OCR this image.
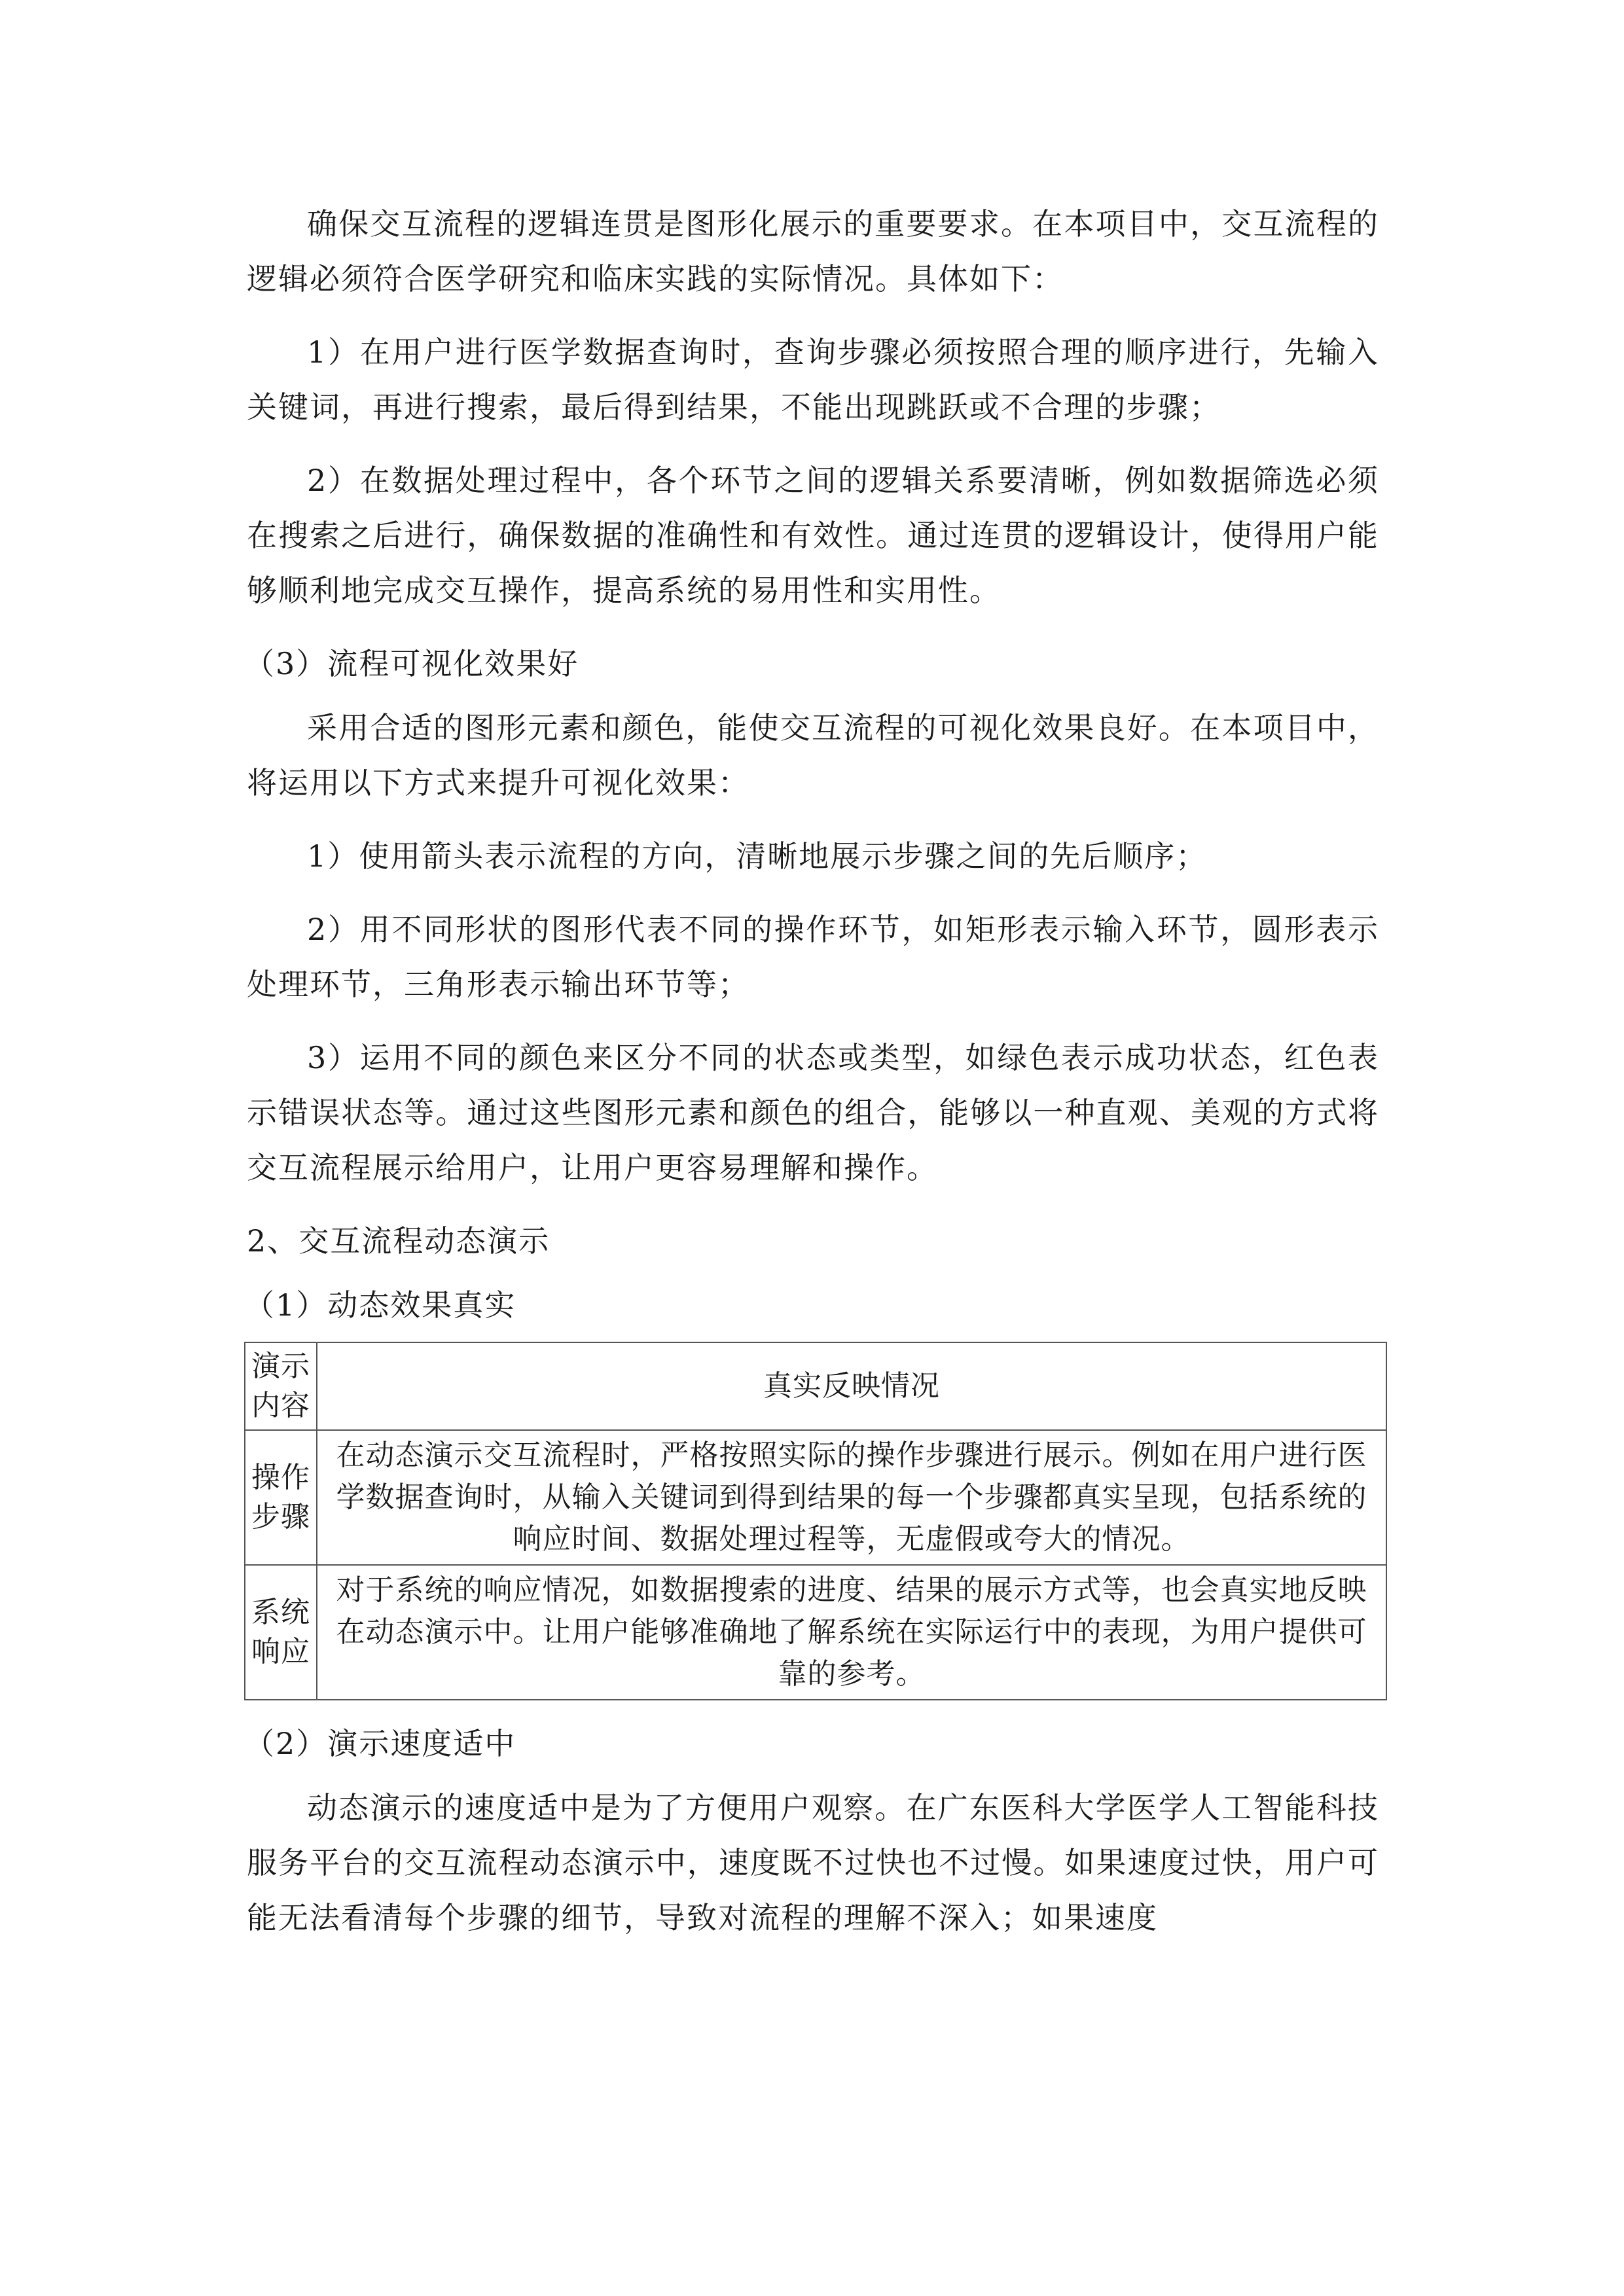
确保交互流程的逻辑连贯是图形化展示的重要要求。在本项目中，交互流程的逻辑必须符合医学研究和临床实践的实际情况。具体如下：

1）在用户进行医学数据查询时，查询步骤必须按照合理的顺序进行，先输入关键词，再进行搜索，最后得到结果，不能出现跳跃或不合理的步骤；

2）在数据处理过程中，各个环节之间的逻辑关系要清晰，例如数据筛选必须在搜索之后进行，确保数据的准确性和有效性。通过连贯的逻辑设计，使得用户能够顺利地完成交互操作，提高系统的易用性和实用性。

（3）流程可视化效果好

采用合适的图形元素和颜色，能使交互流程的可视化效果良好。在本项目中，将运用以下方式来提升可视化效果：

1）使用箭头表示流程的方向，清晰地展示步骤之间的先后顺序；

2）用不同形状的图形代表不同的操作环节，如矩形表示输入环节，圆形表示处理环节，三角形表示输出环节等；

3）运用不同的颜色来区分不同的状态或类型，如绿色表示成功状态，红色表示错误状态等。通过这些图形元素和颜色的组合，能够以一种直观、美观的方式将交互流程展示给用户，让用户更容易理解和操作。

2、交互流程动态演示
（1）动态效果真实
演示内容	真实反映情况
操作步骤	在动态演示交互流程时，严格按照实际的操作步骤进行展示。例如在用户进行医学数据查询时，从输入关键词到得到结果的每一个步骤都真实呈现，包括系统的响应时间、数据处理过程等，无虚假或夸大的情况。
系统响应	对于系统的响应情况，如数据搜索的进度、结果的展示方式等，也会真实地反映在动态演示中。让用户能够准确地了解系统在实际运行中的表现，为用户提供可靠的参考。
（2）演示速度适中

动态演示的速度适中是为了方便用户观察。在广东医科大学医学人工智能科技服务平台的交互流程动态演示中，速度既不过快也不过慢。如果速度过快，用户可能无法看清每个步骤的细节，导致对流程的理解不深入；如果速度
